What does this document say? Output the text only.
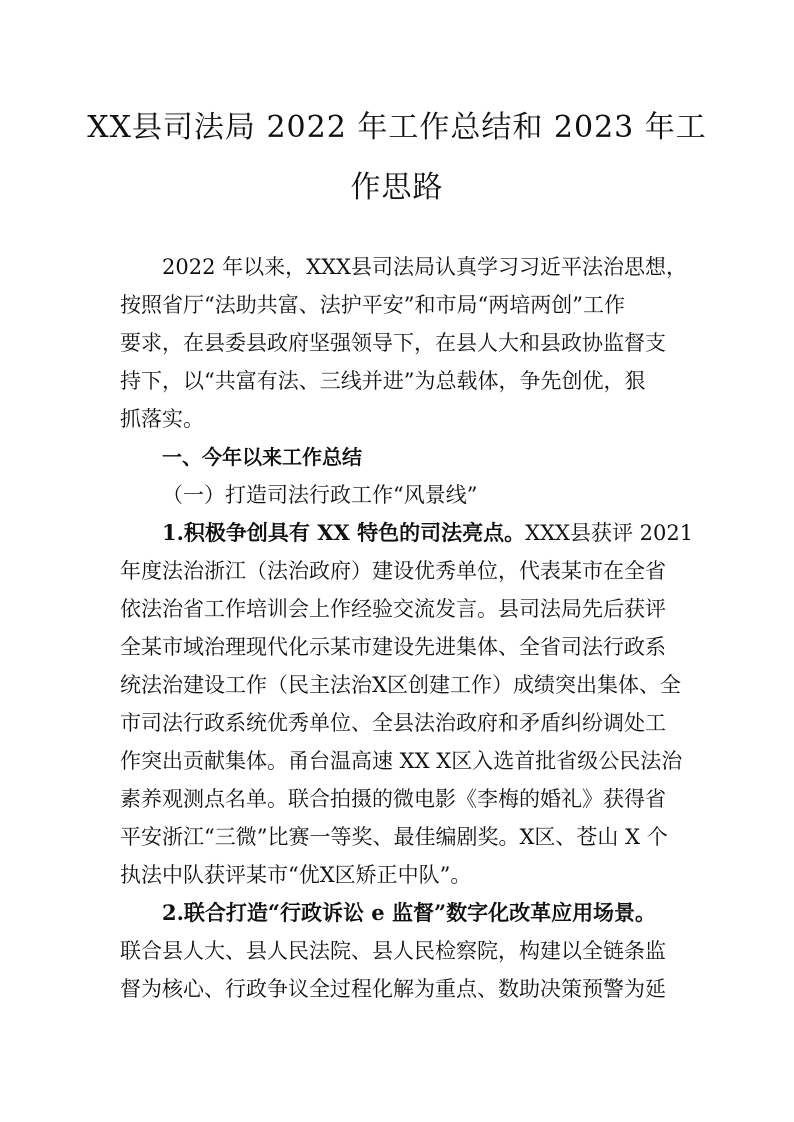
XX县司法局 2022 年工作总结和 2023 年工
作思路
2022 年以来，XXX县司法局认真学习习近平法治思想，
按照省厅“法助共富、法护平安”和市局“两培两创”工作
要求，在县委县政府坚强领导下，在县人大和县政协监督支
持下，以“共富有法、三线并进”为总载体，争先创优，狠
抓落实。
一、今年以来工作总结
（一）打造司法行政工作“风景线”
1.积极争创具有 XX 特色的司法亮点。XXX县获评 2021
年度法治浙江（法治政府）建设优秀单位，代表某市在全省
依法治省工作培训会上作经验交流发言。县司法局先后获评
全某市域治理现代化示某市建设先进集体、全省司法行政系
统法治建设工作（民主法治X区创建工作）成绩突出集体、全
市司法行政系统优秀单位、全县法治政府和矛盾纠纷调处工
作突出贡献集体。甬台温高速 XX X区入选首批省级公民法治
素养观测点名单。联合拍摄的微电影《李梅的婚礼》获得省
平安浙江“三微”比赛一等奖、最佳编剧奖。X区、苍山 X 个
执法中队获评某市“优X区矫正中队”。
2.联合打造“行政诉讼 e 监督”数字化改革应用场景。
联合县人大、县人民法院、县人民检察院，构建以全链条监
督为核心、行政争议全过程化解为重点、数助决策预警为延
